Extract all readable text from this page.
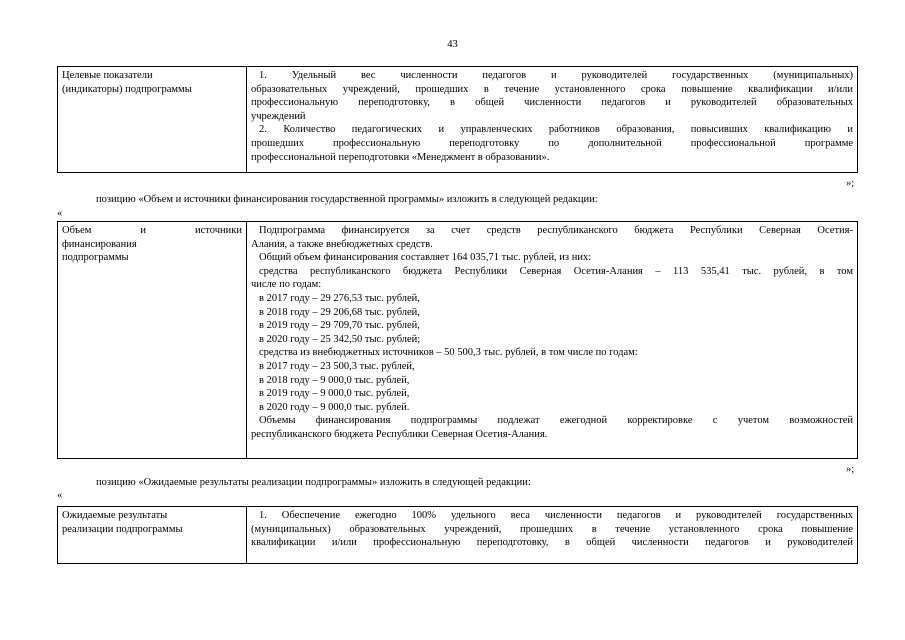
43
Целевые показатели
(индикаторы) подпрограммы
1. Удельный вес численности педагогов и руководителей государственных (муниципальных)
образовательных учреждений, прошедших в течение установленного срока повышение квалификации и/или
профессиональную переподготовку, в общей численности педагогов и руководителей образовательных
учреждений
2. Количество педагогических и управленческих работников образования, повысивших квалификацию и
прошедших профессиональную переподготовку по дополнительной профессиональной программе
профессиональной переподготовки «Менеджмент в образовании».
»;
позицию «Объем и источники финансирования государственной программы» изложить в следующей редакции:
«
Объем и источники
финансирования
подпрограммы
Подпрограмма финансируется за счет средств республиканского бюджета Республики Северная Осетия-
Алания, а также внебюджетных средств.
Общий объем финансирования составляет 164 035,71 тыс. рублей, из них:
средства республиканского бюджета Республики Северная Осетия-Алания – 113 535,41 тыс. рублей, в том
числе по годам:
в 2017 году – 29 276,53 тыс. рублей,
в 2018 году – 29 206,68 тыс. рублей,
в 2019 году – 29 709,70 тыс. рублей,
в 2020 году – 25 342,50 тыс. рублей;
средства из внебюджетных источников – 50 500,3 тыс. рублей, в том числе по годам:
в 2017 году – 23 500,3 тыс. рублей,
в 2018 году – 9 000,0 тыс. рублей,
в 2019 году – 9 000,0 тыс. рублей,
в 2020 году – 9 000,0 тыс. рублей.
Объемы финансирования подпрограммы подлежат ежегодной корректировке с учетом возможностей
республиканского бюджета Республики Северная Осетия-Алания.
»;
позицию «Ожидаемые результаты реализации подпрограммы» изложить в следующей редакции:
«
Ожидаемые результаты
реализации подпрограммы
1. Обеспечение ежегодно 100% удельного веса численности педагогов и руководителей государственных
(муниципальных) образовательных учреждений, прошедших в течение установленного срока повышение
квалификации и/или профессиональную переподготовку, в общей численности педагогов и руководителей
